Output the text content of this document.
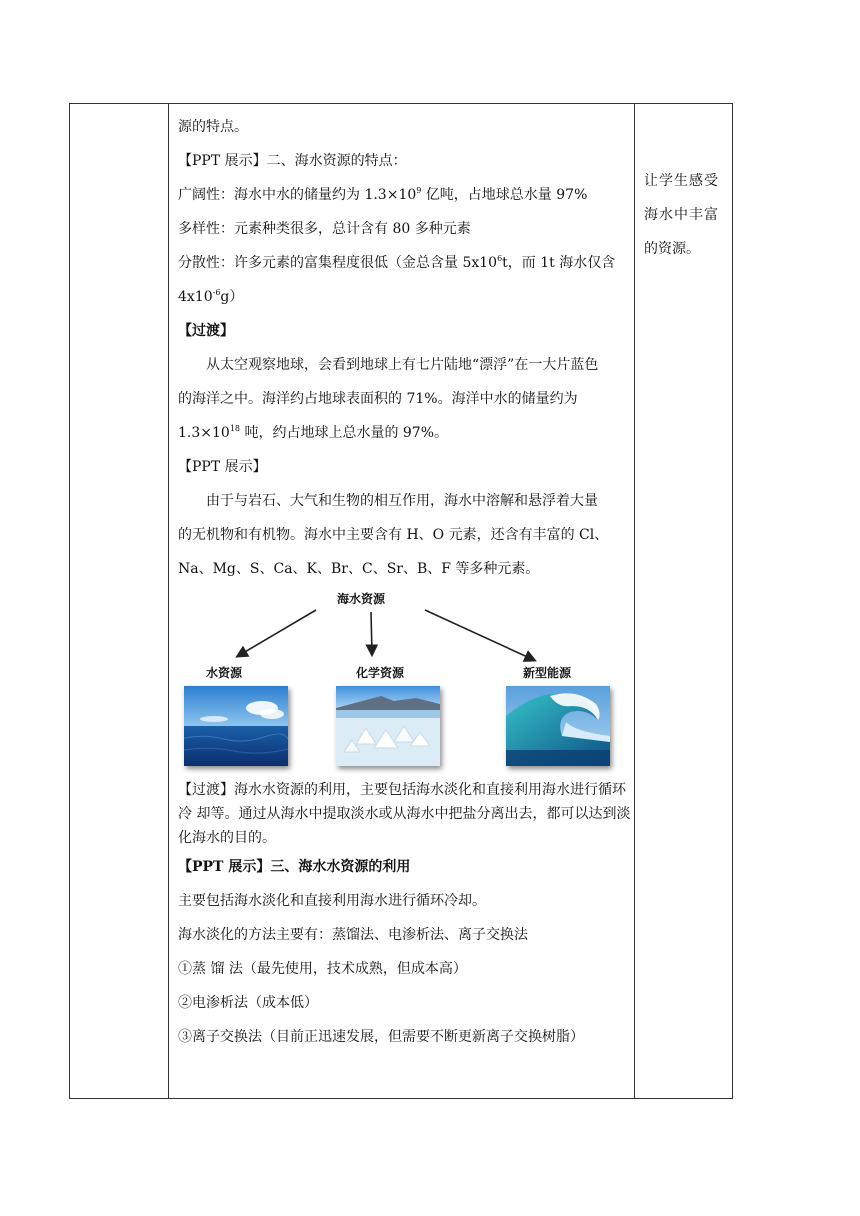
源的特点。
【PPT 展示】二、海水资源的特点：
广阔性：海水中水的储量约为 $1.3\times 10^9$ 亿吨，占地球总水量 97%
多样性：元素种类很多，总计含有 80 多种元素
分散性：许多元素的富集程度很低（金总含量 $5x10^6t$，而 1t 海水仅含
$4x10^{-6}g$）
【过渡】
从太空观察地球，会看到地球上有七片陆地“漂浮”在一大片蓝色
的海洋之中。海洋约占地球表面积的 71%。海洋中水的储量约为
$1.3\times 10^{18}$ 吨，约占地球上总水量的 97%。
【PPT 展示】
由于与岩石、大气和生物的相互作用，海水中溶解和悬浮着大量
的无机物和有机物。海水中主要含有 H、O 元素，还含有丰富的 Cl、
Na、Mg、S、Ca、K、Br、C、Sr、B、F 等多种元素。
海水资源
水资源	化学资源	新型能源
【过渡】海水水资源的利用，主要包括海水淡化和直接利用海水进行循环冷 却等。通过从海水中提取淡水或从海水中把盐分离出去，都可以达到淡化海水的目的。
【PPT 展示】三、海水水资源的利用
主要包括海水淡化和直接利用海水进行循环冷却。
海水淡化的方法主要有：蒸馏法、电渗析法、离子交换法
①蒸 馏 法（最先使用，技术成熟，但成本高）
②电渗析法（成本低）
③离子交换法（目前正迅速发展，但需要不断更新离子交换树脂）
让学生感受
海水中丰富
的资源。
